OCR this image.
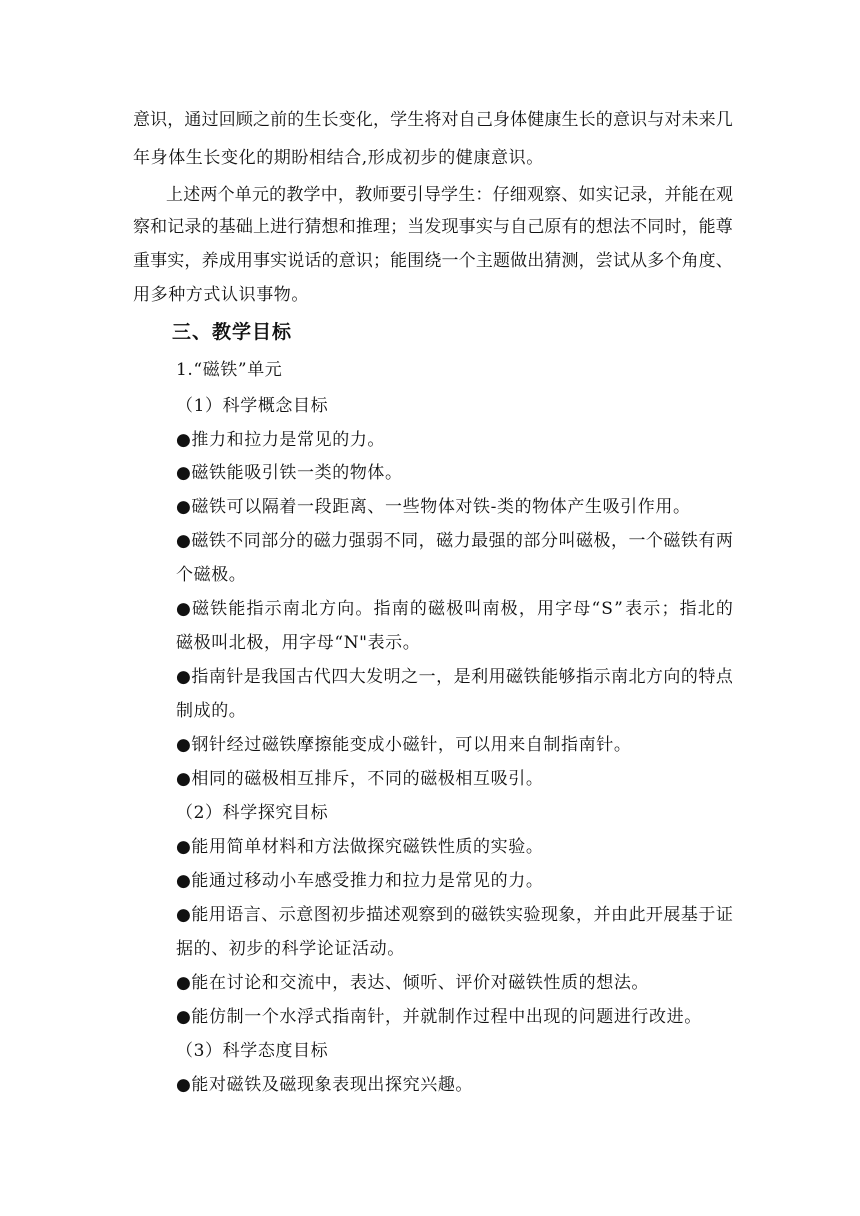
意 识 ， 通 过 回 顾 之 前 的 生 长 变 化 ， 学 生 将 对 自 己 身 体 健 康 生 长 的 意 识 与 对 未 来 几
年身体生长变化的期盼相结合,形成初步的健康意识。
上 述 两 个 单 元 的 教 学 中 ， 教 师 要 引 导 学 生 ： 仔 细 观 察 、 如 实 记 录 ， 并 能 在 观
察 和 记 录 的 基 础 上 进 行 猜 想 和 推 理 ； 当 发 现 事 实 与 自 己 原 有 的 想 法 不 同 时 ， 能 尊
重 事 实 ， 养 成 用 事 实 说 话 的 意 识 ； 能 围 绕 一 个 主 题 做 出 猜 测 ， 尝 试 从 多 个 角 度 、
用多种方式认识事物。
三、教学目标
1.“磁铁”单元
（1）科学概念目标
●推力和拉力是常见的力。
●磁铁能吸引铁一类的物体。
●磁铁可以隔着一段距离、一些物体对铁-类的物体产生吸引作用。
● 磁 铁 不 同 部 分 的 磁 力 强 弱 不 同 ， 磁 力 最 强 的 部 分 叫 磁 极 ， 一 个 磁 铁 有 两
个磁极。
● 磁 铁 能 指 示 南 北 方 向 。 指 南 的 磁 极 叫 南 极 ， 用 字 母 “ S ” 表 示 ； 指 北 的
磁极叫北极，用字母“N"表示。
● 指 南 针 是 我 国 古 代 四 大 发 明 之 一 ， 是 利 用 磁 铁 能 够 指 示 南 北 方 向 的 特 点
制成的。
●钢针经过磁铁摩擦能变成小磁针，可以用来自制指南针。
●相同的磁极相互排斥，不同的磁极相互吸引。
（2）科学探究目标
●能用简单材料和方法做探究磁铁性质的实验。
●能通过移动小车感受推力和拉力是常见的力。
● 能 用 语 言 、 示 意 图 初 步 描 述 观 察 到 的 磁 铁 实 验 现 象 ， 并 由 此 开 展 基 于 证
据的、初步的科学论证活动。
●能在讨论和交流中，表达、倾听、评价对磁铁性质的想法。
●能仿制一个水浮式指南针，并就制作过程中出现的问题进行改进。
（3）科学态度目标
●能对磁铁及磁现象表现出探究兴趣。
